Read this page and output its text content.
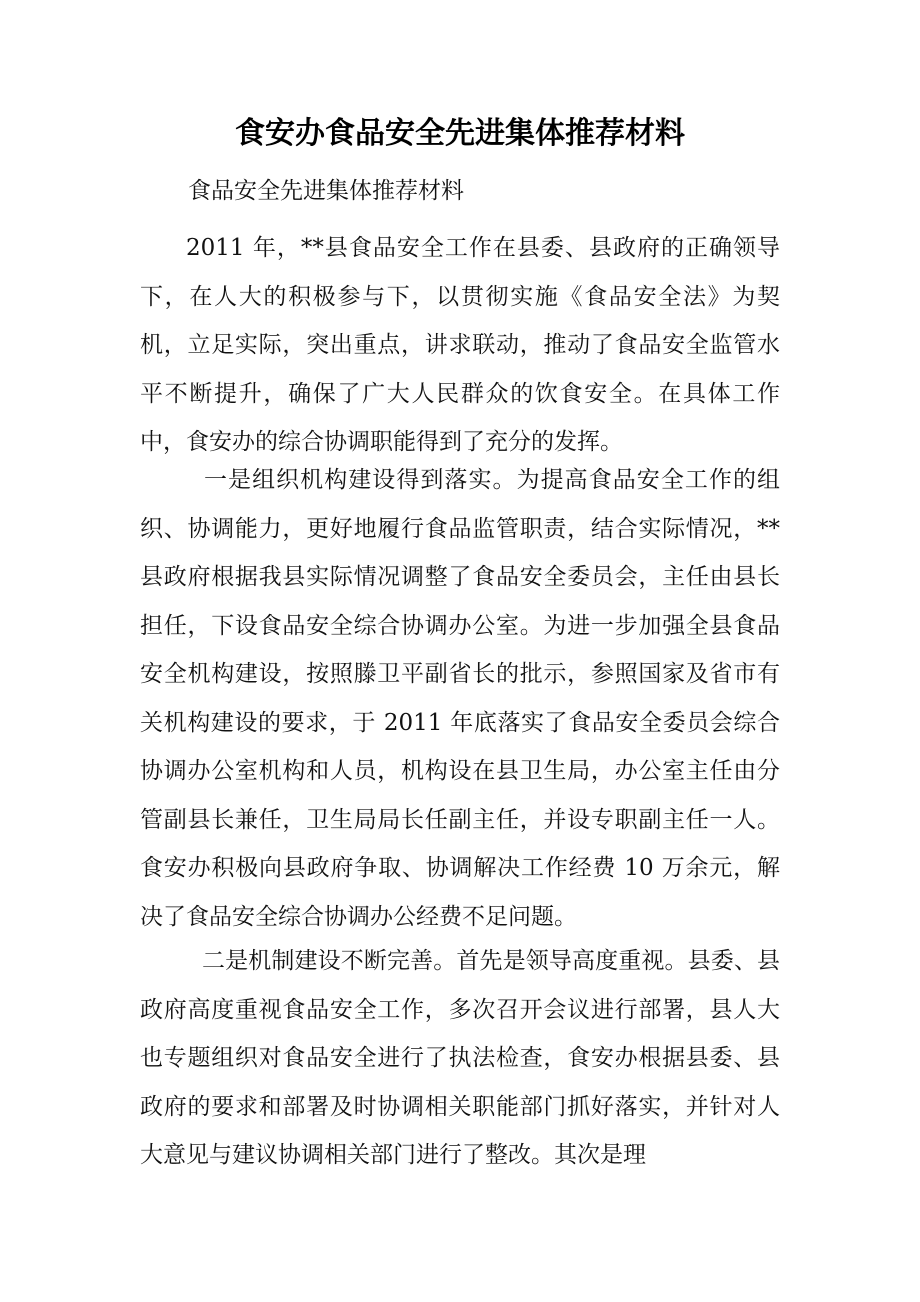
食安办食品安全先进集体推荐材料

食品安全先进集体推荐材料

2011 年，**县食品安全工作在县委、县政府的正确领导下，在人大的积极参与下，以贯彻实施《食品安全法》为契机，立足实际，突出重点，讲求联动，推动了食品安全监管水平不断提升，确保了广大人民群众的饮食安全。在具体工作中，食安办的综合协调职能得到了充分的发挥。

一是组织机构建设得到落实。为提高食品安全工作的组织、协调能力，更好地履行食品监管职责，结合实际情况，**县政府根据我县实际情况调整了食品安全委员会，主任由县长担任，下设食品安全综合协调办公室。为进一步加强全县食品安全机构建设，按照滕卫平副省长的批示，参照国家及省市有关机构建设的要求，于 2011 年底落实了食品安全委员会综合协调办公室机构和人员，机构设在县卫生局，办公室主任由分管副县长兼任，卫生局局长任副主任，并设专职副主任一人。食安办积极向县政府争取、协调解决工作经费 10 万余元，解决了食品安全综合协调办公经费不足问题。

二是机制建设不断完善。首先是领导高度重视。县委、县政府高度重视食品安全工作，多次召开会议进行部署，县人大也专题组织对食品安全进行了执法检查，食安办根据县委、县政府的要求和部署及时协调相关职能部门抓好落实，并针对人大意见与建议协调相关部门进行了整改。其次是理
